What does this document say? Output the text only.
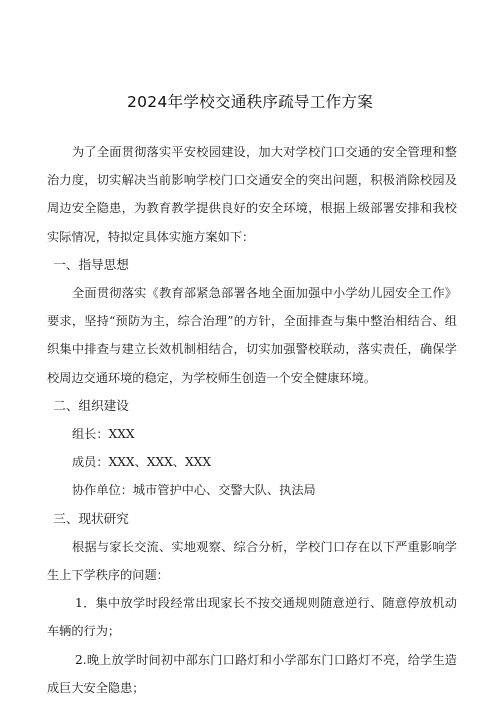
2024年学校交通秩序疏导工作方案

为了全面贯彻落实平安校园建设，加大对学校门口交通的安全管理和整治力度，切实解决当前影响学校门口交通安全的突出问题，积极消除校园及周边安全隐患，为教育教学提供良好的安全环境，根据上级部署安排和我校实际情况，特拟定具体实施方案如下：

一、指导思想

全面贯彻落实《教育部紧急部署各地全面加强中小学幼儿园安全工作》要求，坚持“预防为主，综合治理”的方针，全面排查与集中整治相结合、组织集中排查与建立长效机制相结合，切实加强警校联动，落实责任，确保学校周边交通环境的稳定，为学校师生创造一个安全健康环境。

二、组织建设

组长：XXX

成员：XXX、XXX、XXX

协作单位：城市管护中心、交警大队、执法局

三、现状研究

根据与家长交流、实地观察、综合分析，学校门口存在以下严重影响学生上下学秩序的问题：

1．集中放学时段经常出现家长不按交通规则随意逆行、随意停放机动车辆的行为；

2.晚上放学时间初中部东门口路灯和小学部东门口路灯不亮，给学生造成巨大安全隐患；
